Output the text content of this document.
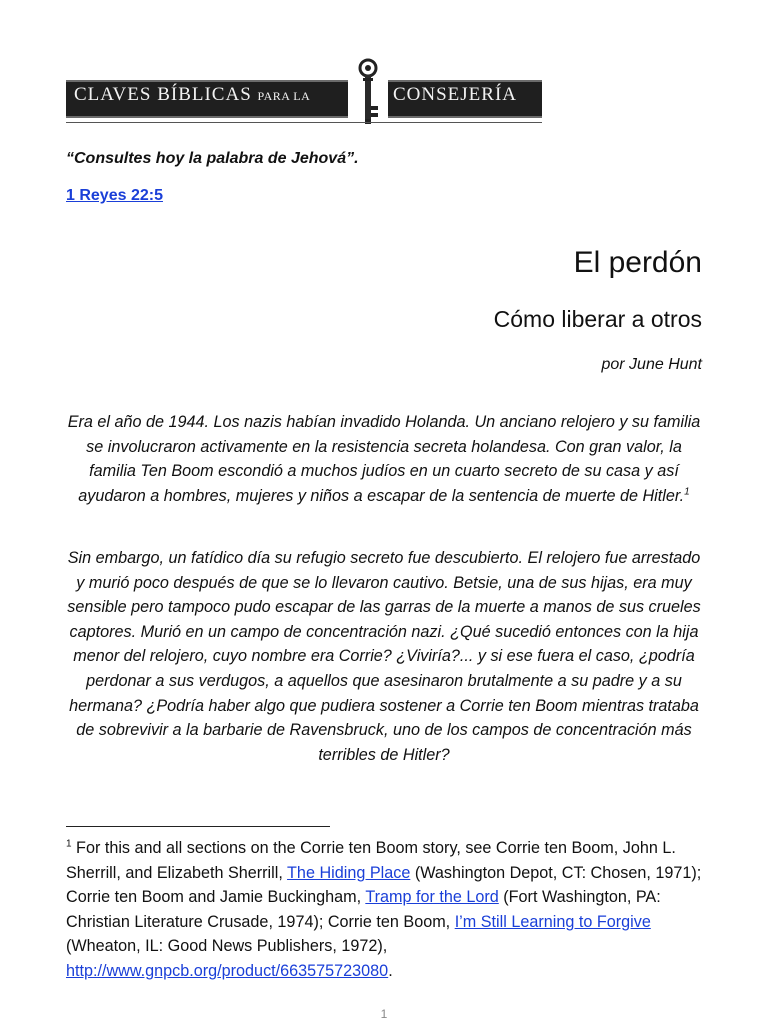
CLAVES BÍBLICAS PARA LA	CONSEJERÍA
“Consultes hoy la palabra de Jehová”.
1 Reyes 22:5
El perdón
Cómo liberar a otros
por June Hunt
Era el año de 1944. Los nazis habían invadido Holanda. Un anciano relojero y su familia se involucraron activamente en la resistencia secreta holandesa. Con gran valor, la familia Ten Boom escondió a muchos judíos en un cuarto secreto de su casa y así ayudaron a hombres, mujeres y niños a escapar de la sentencia de muerte de Hitler.$^1$
Sin embargo, un fatídico día su refugio secreto fue descubierto. El relojero fue arrestado y murió poco después de que se lo llevaron cautivo. Betsie, una de sus hijas, era muy sensible pero tampoco pudo escapar de las garras de la muerte a manos de sus crueles captores. Murió en un campo de concentración nazi. ¿Qué sucedió entonces con la hija menor del relojero, cuyo nombre era Corrie? ¿Viviría?... y si ese fuera el caso, ¿podría perdonar a sus verdugos, a aquellos que asesinaron brutalmente a su padre y a su hermana? ¿Podría haber algo que pudiera sostener a Corrie ten Boom mientras trataba de sobrevivir a la barbarie de Ravensbruck, uno de los campos de concentración más terribles de Hitler?
$^1$ For this and all sections on the Corrie ten Boom story, see Corrie ten Boom, John L. Sherrill, and Elizabeth Sherrill, The Hiding Place (Washington Depot, CT: Chosen, 1971); Corrie ten Boom and Jamie Buckingham, Tramp for the Lord (Fort Washington, PA: Christian Literature Crusade, 1974); Corrie ten Boom, I’m Still Learning to Forgive (Wheaton, IL: Good News Publishers, 1972), http://www.gnpcb.org/product/663575723080.
1
